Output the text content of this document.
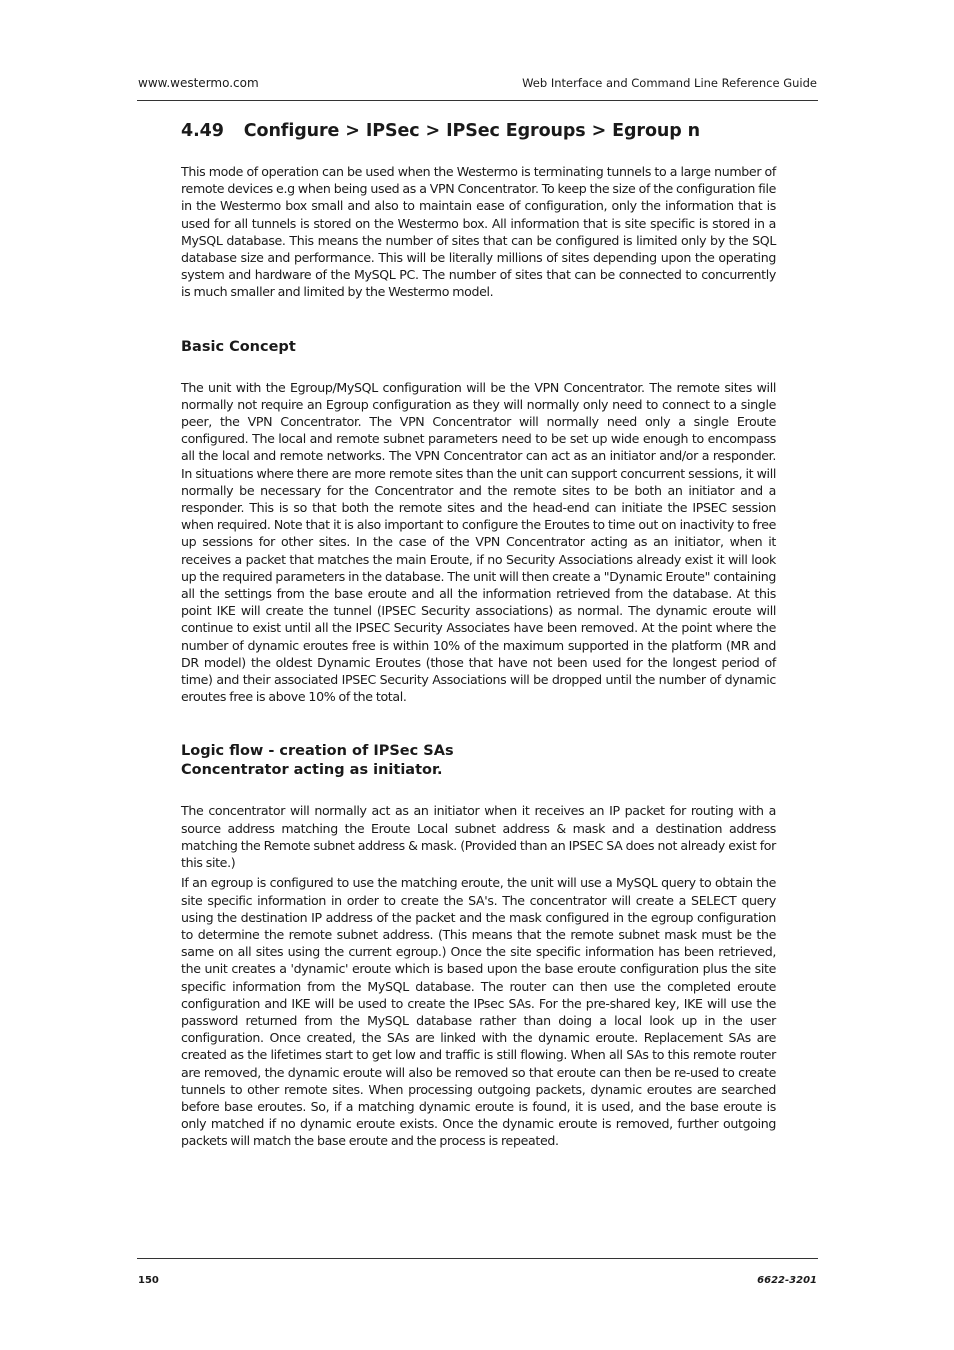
www.westermo.com	Web Interface and Command Line Reference Guide
4.49 Configure > IPSec > IPSec Egroups > Egroup n

This mode of operation can be used when the Westermo is terminating tunnels to a large number of remote devices e.g when being used as a VPN Concentrator. To keep the size of the configuration file in the Westermo box small and also to maintain ease of configuration, only the information that is used for all tunnels is stored on the Westermo box. All information that is site specific is stored in a MySQL database. This means the number of sites that can be configured is limited only by the SQL database size and performance. This will be literally millions of sites depending upon the operating system and hardware of the MySQL PC. The number of sites that can be connected to concurrently is much smaller and limited by the Westermo model.

Basic Concept

The unit with the Egroup/MySQL configuration will be the VPN Concentrator. The remote sites will normally not require an Egroup configuration as they will normally only need to connect to a single peer, the VPN Concentrator. The VPN Concentrator will normally need only a single Eroute configured. The local and remote subnet parameters need to be set up wide enough to encompass all the local and remote networks. The VPN Concentrator can act as an initiator and/or a responder. In situations where there are more remote sites than the unit can support concurrent sessions, it will normally be necessary for the Concentrator and the remote sites to be both an initiator and a responder. This is so that both the remote sites and the head-end can initiate the IPSEC session when required. Note that it is also important to configure the Eroutes to time out on inactivity to free up sessions for other sites. In the case of the VPN Concentrator acting as an initiator, when it receives a packet that matches the main Eroute, if no Security Associations already exist it will look up the required parameters in the database. The unit will then create a "Dynamic Eroute" containing all the settings from the base eroute and all the information retrieved from the database. At this point IKE will create the tunnel (IPSEC Security associations) as normal. The dynamic eroute will continue to exist until all the IPSEC Security Associates have been removed. At the point where the number of dynamic eroutes free is within 10% of the maximum supported in the platform (MR and DR model) the oldest Dynamic Eroutes (those that have not been used for the longest period of time) and their associated IPSEC Security Associations will be dropped until the number of dynamic eroutes free is above 10% of the total.

Logic flow - creation of IPSec SAs
Concentrator acting as initiator.

The concentrator will normally act as an initiator when it receives an IP packet for routing with a source address matching the Eroute Local subnet address & mask and a destination address matching the Remote subnet address & mask. (Provided than an IPSEC SA does not already exist for this site.)

If an egroup is configured to use the matching eroute, the unit will use a MySQL query to obtain the site specific information in order to create the SA's. The concentrator will create a SELECT query using the destination IP address of the packet and the mask configured in the egroup configuration to determine the remote subnet address. (This means that the remote subnet mask must be the same on all sites using the current egroup.) Once the site specific information has been retrieved, the unit creates a 'dynamic' eroute which is based upon the base eroute configuration plus the site specific information from the MySQL database. The router can then use the completed eroute configuration and IKE will be used to create the IPsec SAs. For the pre-shared key, IKE will use the password returned from the MySQL database rather than doing a local look up in the user configuration. Once created, the SAs are linked with the dynamic eroute. Replacement SAs are created as the lifetimes start to get low and traffic is still flowing. When all SAs to this remote router are removed, the dynamic eroute will also be removed so that eroute can then be re-used to create tunnels to other remote sites. When processing outgoing packets, dynamic eroutes are searched before base eroutes. So, if a matching dynamic eroute is found, it is used, and the base eroute is only matched if no dynamic eroute exists. Once the dynamic eroute is removed, further outgoing packets will match the base eroute and the process is repeated.

150	6622-3201
